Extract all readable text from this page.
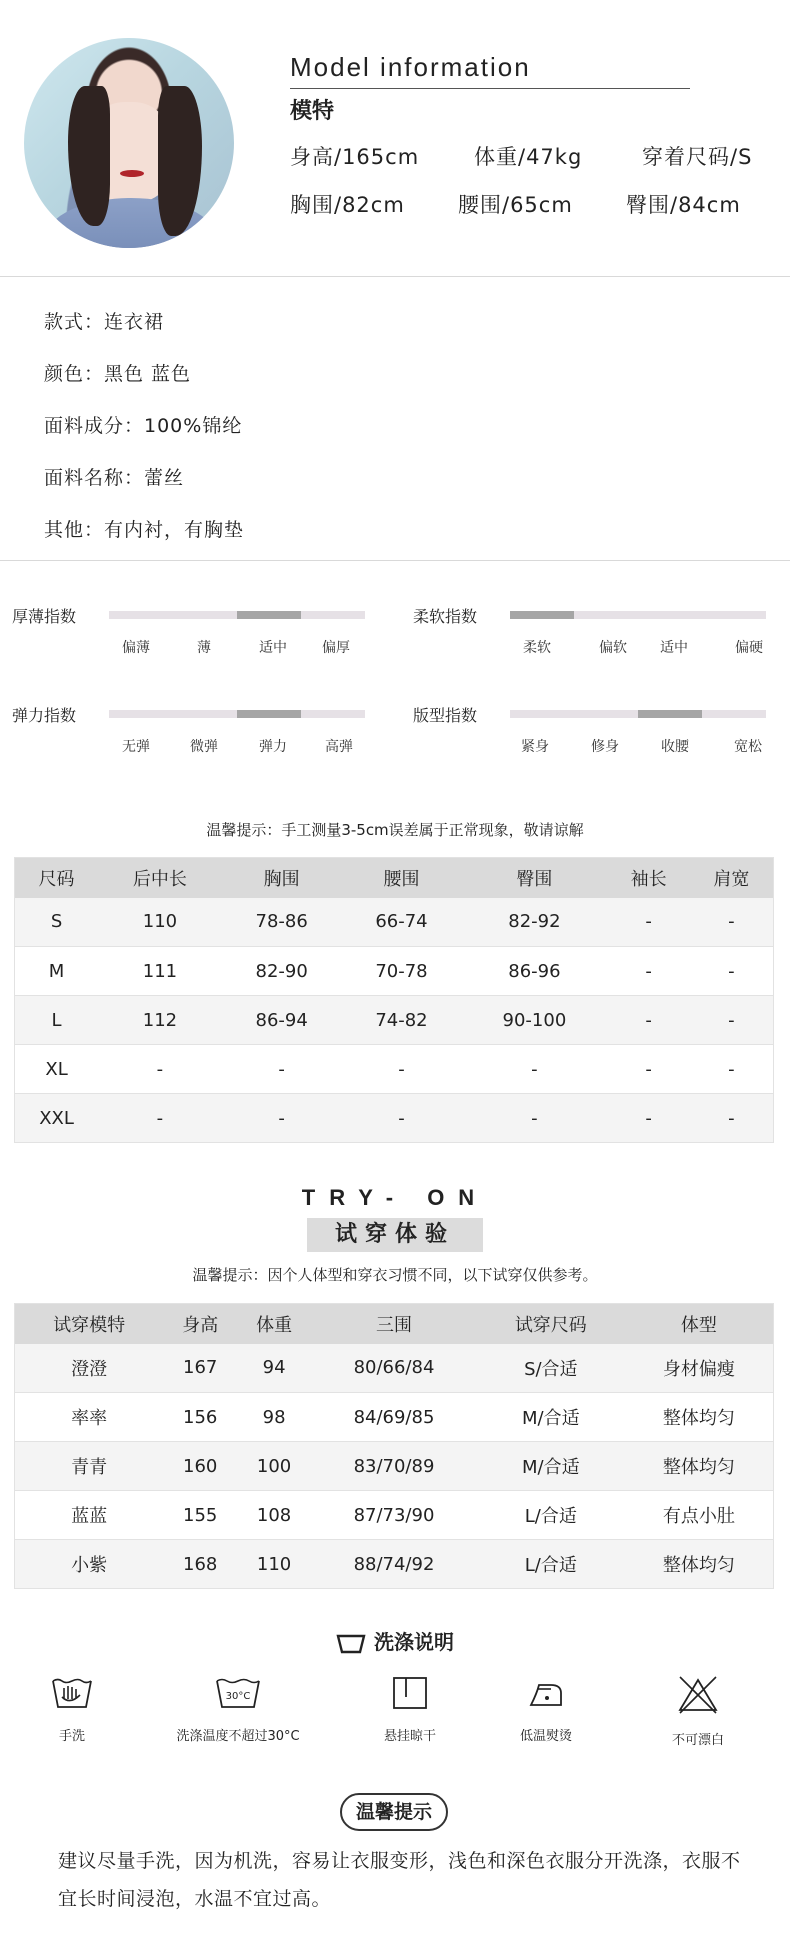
Model information
模特
身高/165cm	体重/47kg	穿着尺码/S
胸围/82cm	腰围/65cm	臀围/84cm
款式：连衣裙
颜色：黑色 蓝色
面料成分：100%锦纶
面料名称：蕾丝
其他：有内衬，有胸垫
厚薄指数
偏薄	薄	适中	偏厚
柔软指数
柔软	偏软 适中	偏硬
弹力指数
无弹	微弹	弹力	高弹
版型指数
紧身	修身	收腰	宽松
温馨提示：手工测量3-5cm误差属于正常现象，敬请谅解
尺码	后中长	胸围	腰围	臀围	袖长	肩宽
S	110	78-86	66-74	82-92	-	-
M	111	82-90	70-78	86-96	-	-
L	112	86-94	74-82	90-100	-	-
XL	-	-	-	-	-	-
XXL	-	-	-	-	-	-
TRY- ON
试穿体验
温馨提示：因个人体型和穿衣习惯不同，以下试穿仅供参考。
试穿模特	身高	体重	三围	试穿尺码	体型
澄澄	167	94	80/66/84	S/合适	身材偏瘦
率率	156	98	84/69/85	M/合适	整体均匀
青青	160	100	83/70/89	M/合适	整体均匀
蓝蓝	155	108	87/73/90	L/合适	有点小肚
小紫	168	110	88/74/92	L/合适	整体均匀
洗涤说明
手洗
30°C
洗涤温度不超过30°C	悬挂晾干	低温熨烫	不可漂白
温馨提示
建议尽量手洗，因为机洗，容易让衣服变形，浅色和深色衣服分开洗涤，衣服不宜长时间浸泡，水温不宜过高。
